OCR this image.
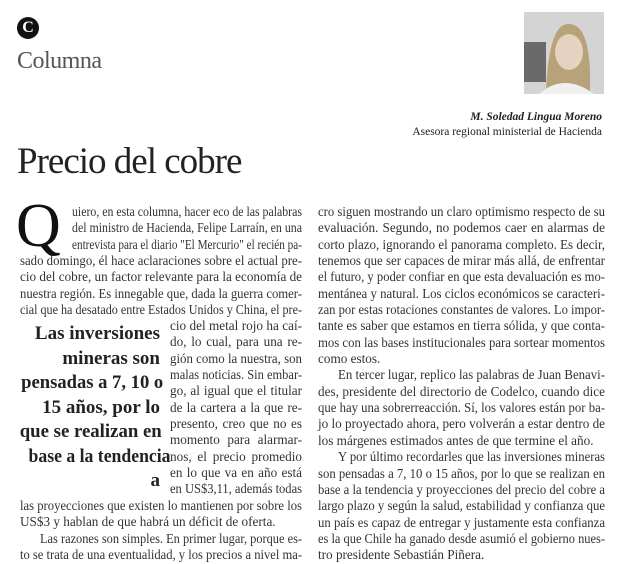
C
Columna
M. Soledad Lingua Moreno
Asesora regional ministerial de Hacienda
Precio del cobre
Q uiero, en esta columna, hacer eco de las palabras
del ministro de Hacienda, Felipe Larraín, en una
entrevista para el diario "El Mercurio" el recién pa-
sado domingo, él hace aclaraciones sobre el actual pre-
cio del cobre, un factor relevante para la economía de
nuestra región. Es innegable que, dada la guerra comer-
cial que ha desatado entre Estados Unidos y China, el pre-
cio del metal rojo ha caí-
do, lo cual, para una re-
gión como la nuestra, son
malas noticias. Sin embar-
go, al igual que el titular
de la cartera a la que re-
presento, creo que no es
momento para alarmar-
nos, el precio promedio
en lo que va en año está
en US$3,11, además todas
las proyecciones que existen lo mantienen por sobre los
US$3 y hablan de que habrá un déficit de oferta.
Las razones son simples. En primer lugar, porque es-
to se trata de una eventualidad, y los precios a nivel ma-
cro siguen mostrando un claro optimismo respecto de su
evaluación. Segundo, no podemos caer en alarmas de
corto plazo, ignorando el panorama completo. Es decir,
tenemos que ser capaces de mirar más allá, de enfrentar
el futuro, y poder confiar en que esta devaluación es mo-
mentánea y natural. Los ciclos económicos se caracteri-
zan por estas rotaciones constantes de valores. Lo impor-
tante es saber que estamos en tierra sólida, y que conta-
mos con las bases institucionales para sortear momentos
como estos.
En tercer lugar, replico las palabras de Juan Benavi-
des, presidente del directorio de Codelco, cuando dice
que hay una sobrerreacción. Sí, los valores están por ba-
jo lo proyectado ahora, pero volverán a estar dentro de
los márgenes estimados antes de que termine el año.
Y por último recordarles que las inversiones mineras
son pensadas a 7, 10 o 15 años, por lo que se realizan en
base a la tendencia y proyecciones del precio del cobre a
largo plazo y según la salud, estabilidad y confianza que
un país es capaz de entregar y justamente esta confianza
es la que Chile ha ganado desde asumió el gobierno nues-
tro presidente Sebastián Piñera.
Las inversiones
mineras son
pensadas a 7, 10 o
15 años, por lo
que se realizan en
base a la tendencia
a
